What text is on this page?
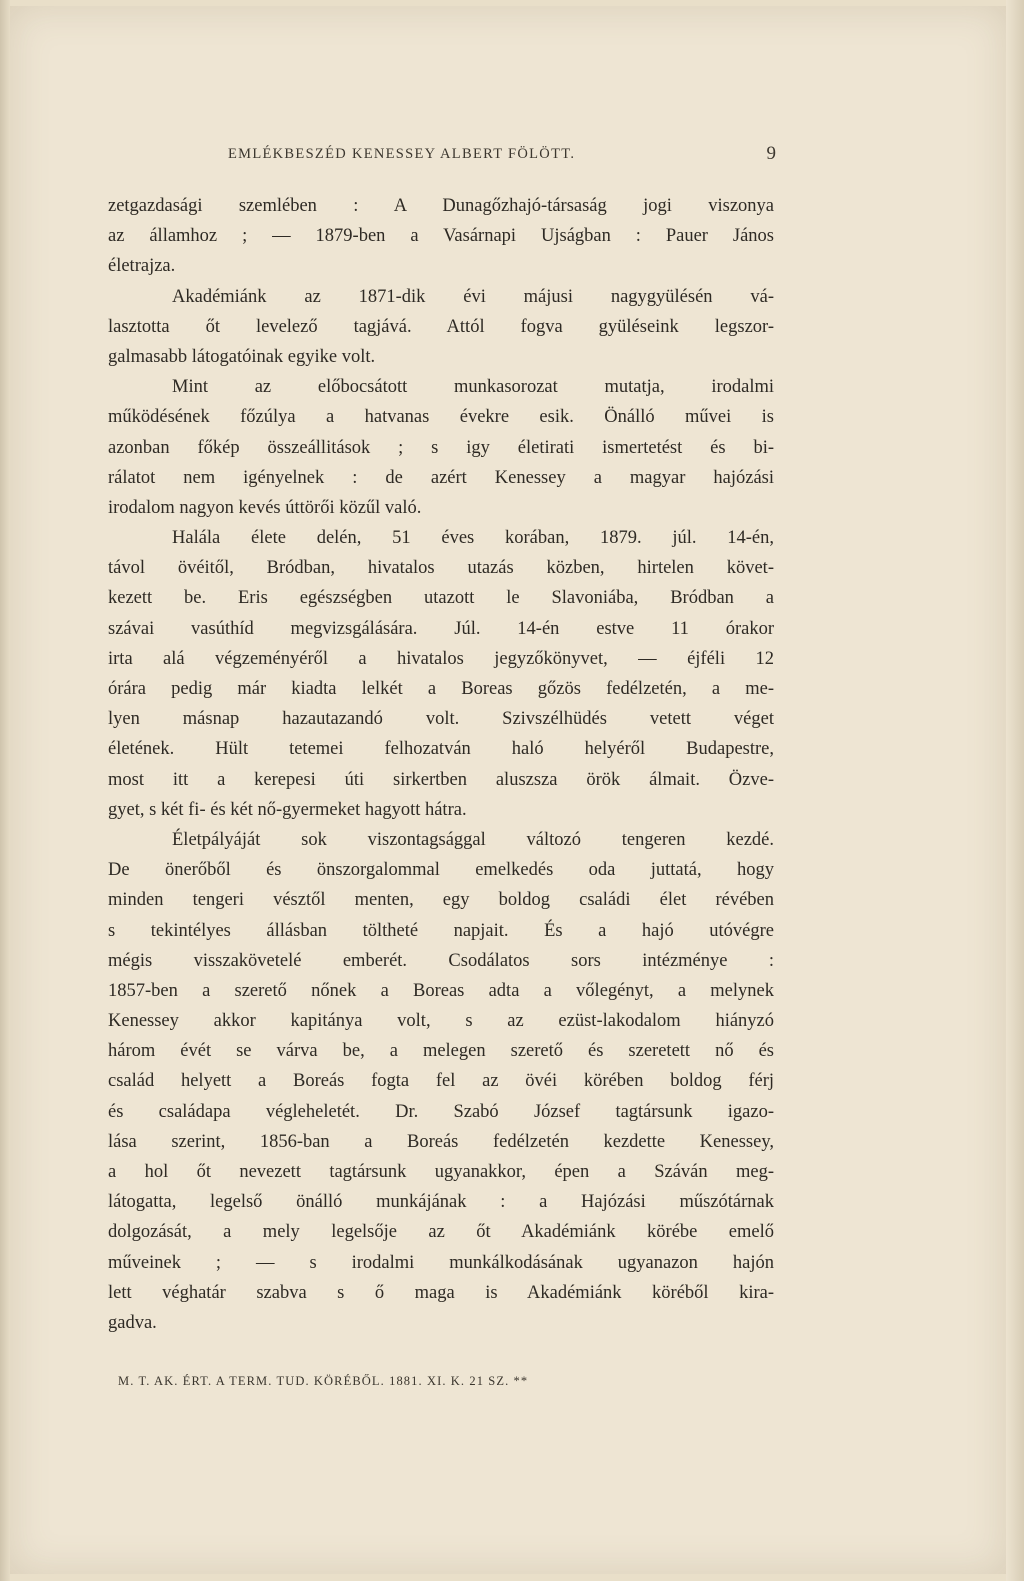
EMLÉKBESZÉD KENESSEY ALBERT FÖLÖTT.	9
zetgazdasági szemlében : A Dunagőzhajó-társaság jogi viszonya
az államhoz ; — 1879-ben a Vasárnapi Ujságban : Pauer János
életrajza.
Akadémiánk az 1871-dik évi májusi nagygyülésén vá-
lasztotta őt levelező tagjává. Attól fogva gyüléseink legszor-
galmasabb látogatóinak egyike volt.
Mint az előbocsátott munkasorozat mutatja, irodalmi
működésének főzúlya a hatvanas évekre esik. Önálló művei is
azonban főkép összeállitások ; s igy életirati ismertetést és bi-
rálatot nem igényelnek : de azért Kenessey a magyar hajózási
irodalom nagyon kevés úttörői közűl való.
Halála élete delén, 51 éves korában, 1879. júl. 14-én,
távol övéitől, Bródban, hivatalos utazás közben, hirtelen követ-
kezett be. Eris egészségben utazott le Slavoniába, Bródban a
szávai vasúthíd megvizsgálására. Júl. 14-én estve 11 órakor
irta alá végzeményéről a hivatalos jegyzőkönyvet, — éjféli 12
órára pedig már kiadta lelkét a Boreas gőzös fedélzetén, a me-
lyen másnap hazautazandó volt. Szivszélhüdés vetett véget
életének. Hült tetemei felhozatván haló helyéről Budapestre,
most itt a kerepesi úti sirkertben aluszsza örök álmait. Özve-
gyet, s két fi- és két nő-gyermeket hagyott hátra.
Életpályáját sok viszontagsággal változó tengeren kezdé.
De önerőből és önszorgalommal emelkedés oda juttatá, hogy
minden tengeri vésztől menten, egy boldog családi élet révében
s tekintélyes állásban töltheté napjait. És a hajó utóvégre
mégis visszakövetelé emberét. Csodálatos sors intézménye :
1857-ben a szerető nőnek a Boreas adta a vőlegényt, a melynek
Kenessey akkor kapitánya volt, s az ezüst-lakodalom hiányzó
három évét se várva be, a melegen szerető és szeretett nő és
család helyett a Boreás fogta fel az övéi körében boldog férj
és családapa végleheletét. Dr. Szabó József tagtársunk igazo-
lása szerint, 1856-ban a Boreás fedélzetén kezdette Kenessey,
a hol őt nevezett tagtársunk ugyanakkor, épen a Száván meg-
látogatta, legelső önálló munkájának : a Hajózási műszótárnak
dolgozását, a mely legelsője az őt Akadémiánk körébe emelő
műveinek ; — s irodalmi munkálkodásának ugyanazon hajón
lett véghatár szabva s ő maga is Akadémiánk köréből kira-
gadva.
M. T. AK. ÉRT. A TERM. TUD. KÖRÉBŐL. 1881. XI. K. 21 SZ. **
